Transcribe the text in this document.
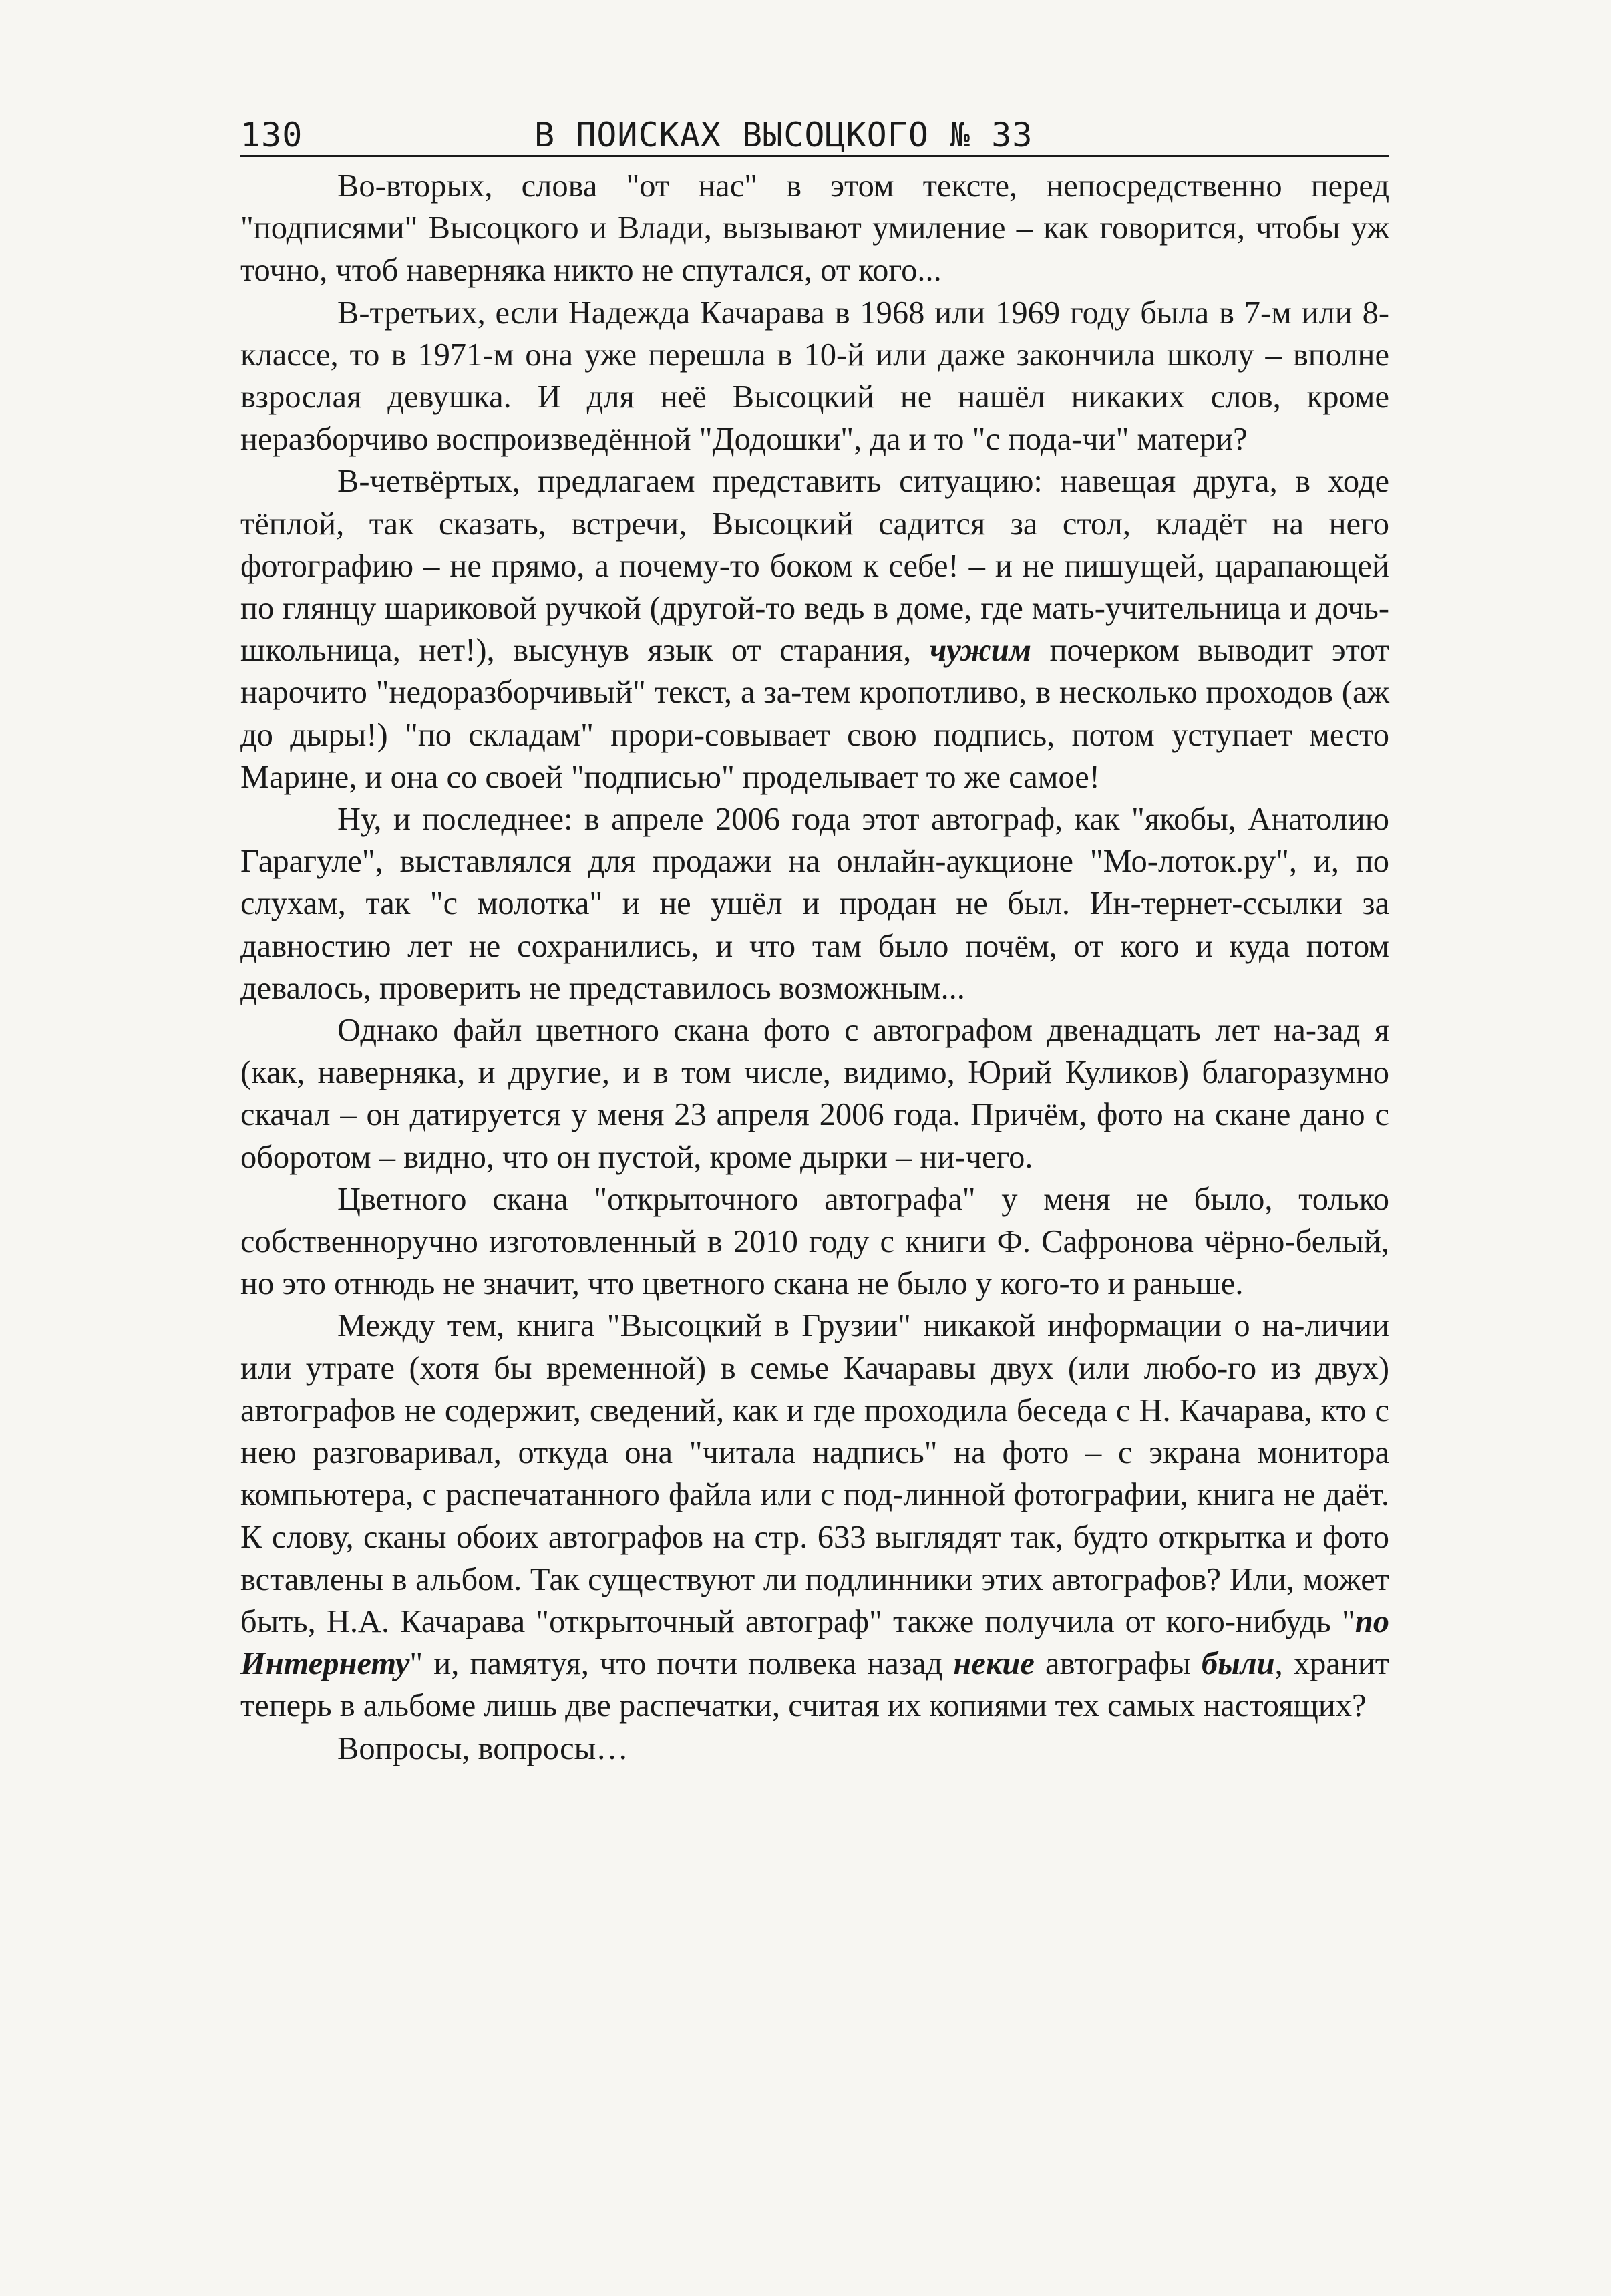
130	В ПОИСКАХ ВЫСОЦКОГО № 33

Во-вторых, слова "от нас" в этом тексте, непосредственно перед "подписями" Высоцкого и Влади, вызывают умиление – как говорится, чтобы уж точно, чтоб наверняка никто не спутался, от кого...

В-третьих, если Надежда Качарава в 1968 или 1969 году была в 7-м или 8-классе, то в 1971-м она уже перешла в 10-й или даже закончила школу – вполне взрослая девушка. И для неё Высоцкий не нашёл никаких слов, кроме неразборчиво воспроизведённой "Додошки", да и то "с пода-чи" матери?

В-четвёртых, предлагаем представить ситуацию: навещая друга, в ходе тёплой, так сказать, встречи, Высоцкий садится за стол, кладёт на него фотографию – не прямо, а почему-то боком к себе! – и не пишущей, царапающей по глянцу шариковой ручкой (другой-то ведь в доме, где мать-учительница и дочь-школьница, нет!), высунув язык от старания, чужим почерком выводит этот нарочито "недоразборчивый" текст, а за-тем кропотливо, в несколько проходов (аж до дыры!) "по складам" прори-совывает свою подпись, потом уступает место Марине, и она со своей "подписью" проделывает то же самое!

Ну, и последнее: в апреле 2006 года этот автограф, как "якобы, Анатолию Гарагуле", выставлялся для продажи на онлайн-аукционе "Мо-лоток.ру", и, по слухам, так "с молотка" и не ушёл и продан не был. Ин-тернет-ссылки за давностию лет не сохранились, и что там было почём, от кого и куда потом девалось, проверить не представилось возможным...

Однако файл цветного скана фото с автографом двенадцать лет на-зад я (как, наверняка, и другие, и в том числе, видимо, Юрий Куликов) благоразумно скачал – он датируется у меня 23 апреля 2006 года. Причём, фото на скане дано с оборотом – видно, что он пустой, кроме дырки – ни-чего.

Цветного скана "открыточного автографа" у меня не было, только собственноручно изготовленный в 2010 году с книги Ф. Сафронова чёрно-белый, но это отнюдь не значит, что цветного скана не было у кого-то и раньше.

Между тем, книга "Высоцкий в Грузии" никакой информации о на-личии или утрате (хотя бы временной) в семье Качаравы двух (или любо-го из двух) автографов не содержит, сведений, как и где проходила беседа с Н. Качарава, кто с нею разговаривал, откуда она "читала надпись" на фото – с экрана монитора компьютера, с распечатанного файла или с под-линной фотографии, книга не даёт. К слову, сканы обоих автографов на стр. 633 выглядят так, будто открытка и фото вставлены в альбом. Так существуют ли подлинники этих автографов? Или, может быть, Н.А. Качарава "открыточный автограф" также получила от кого-нибудь "по Интернету" и, памятуя, что почти полвека назад некие автографы были, хранит теперь в альбоме лишь две распечатки, считая их копиями тех самых настоящих?

Вопросы, вопросы…
